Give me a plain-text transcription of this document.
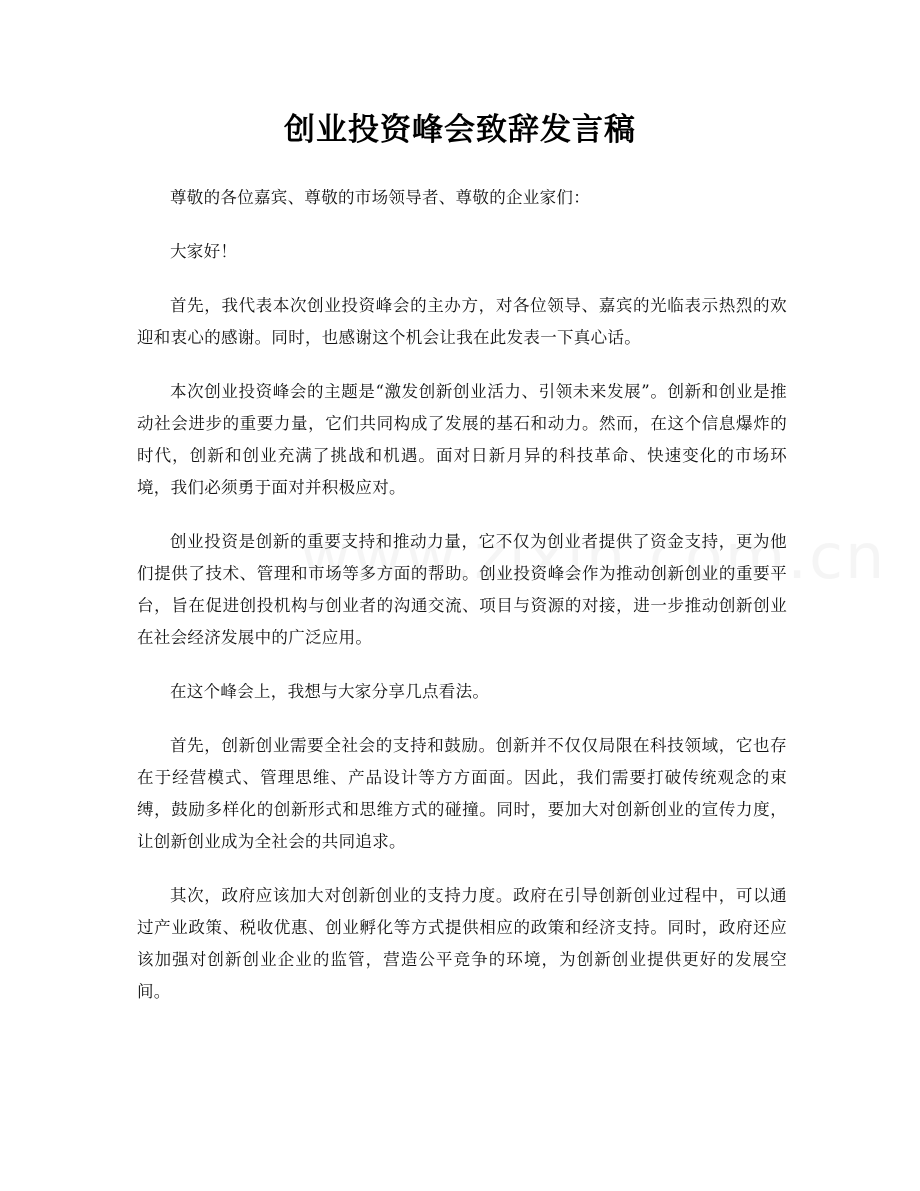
创业投资峰会致辞发言稿

尊敬的各位嘉宾、尊敬的市场领导者、尊敬的企业家们：

大家好！

首先，我代表本次创业投资峰会的主办方，对各位领导、嘉宾的光临表示热烈的欢迎和衷心的感谢。同时，也感谢这个机会让我在此发表一下真心话。

本次创业投资峰会的主题是“激发创新创业活力、引领未来发展”。创新和创业是推动社会进步的重要力量，它们共同构成了发展的基石和动力。然而，在这个信息爆炸的时代，创新和创业充满了挑战和机遇。面对日新月异的科技革命、快速变化的市场环境，我们必须勇于面对并积极应对。

创业投资是创新的重要支持和推动力量，它不仅为创业者提供了资金支持，更为他们提供了技术、管理和市场等多方面的帮助。创业投资峰会作为推动创新创业的重要平台，旨在促进创投机构与创业者的沟通交流、项目与资源的对接，进一步推动创新创业在社会经济发展中的广泛应用。

在这个峰会上，我想与大家分享几点看法。

首先，创新创业需要全社会的支持和鼓励。创新并不仅仅局限在科技领域，它也存在于经营模式、管理思维、产品设计等方方面面。因此，我们需要打破传统观念的束缚，鼓励多样化的创新形式和思维方式的碰撞。同时，要加大对创新创业的宣传力度，让创新创业成为全社会的共同追求。

其次，政府应该加大对创新创业的支持力度。政府在引导创新创业过程中，可以通过产业政策、税收优惠、创业孵化等方式提供相应的政策和经济支持。同时，政府还应该加强对创新创业企业的监管，营造公平竞争的环境，为创新创业提供更好的发展空间。
